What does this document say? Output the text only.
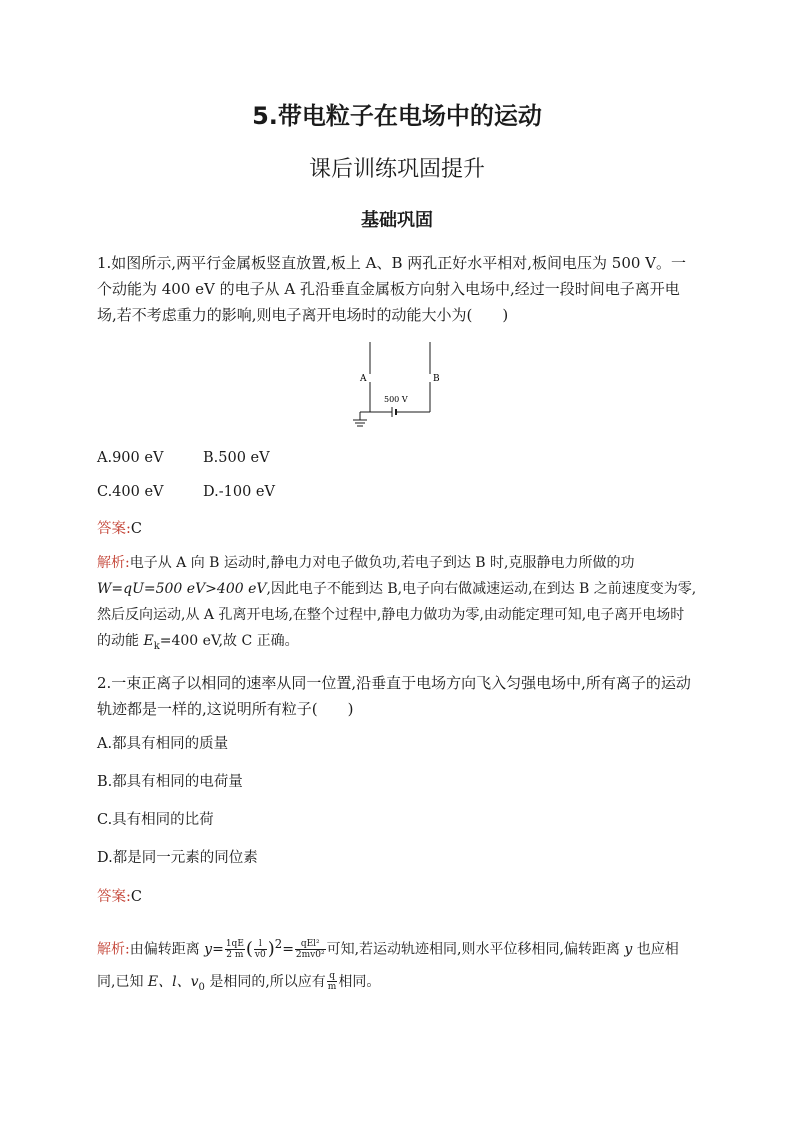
5.带电粒子在电场中的运动
课后训练巩固提升
基础巩固
1.如图所示,两平行金属板竖直放置,板上 A、B 两孔正好水平相对,板间电压为 500 V。一个动能为 400 eV 的电子从 A 孔沿垂直金属板方向射入电场中,经过一段时间电子离开电场,若不考虑重力的影响,则电子离开电场时的动能大小为(　　)
A	B
500 V
A.900 eV	B.500 eV
C.400 eV	D.-100 eV
答案:C
解析:电子从 A 向 B 运动时,静电力对电子做负功,若电子到达 B 时,克服静电力所做的功W=qU=500 eV>400 eV,因此电子不能到达 B,电子向右做减速运动,在到达 B 之前速度变为零,然后反向运动,从 A 孔离开电场,在整个过程中,静电力做功为零,由动能定理可知,电子离开电场时的动能 $E_k=400$ eV,故 C 正确。
2.一束正离子以相同的速率从同一位置,沿垂直于电场方向飞入匀强电场中,所有离子的运动轨迹都是一样的,这说明所有粒子(　　)
A.都具有相同的质量
B.都具有相同的电荷量
C.具有相同的比荷
D.都是同一元素的同位素
答案:C
解析:由偏转距离 $y= \frac{1qE}{2 m}$ ( $\frac{l}{v0} )^2= \frac{\text{qEl²}}{\text{2mv0²}}$ 可知,若运动轨迹相同,则水平位移相同,偏转距离 y 也应相同,已知 E、l、$v_0$ 是相同的,所以应有 $\frac{q}{m}$ 相同。
